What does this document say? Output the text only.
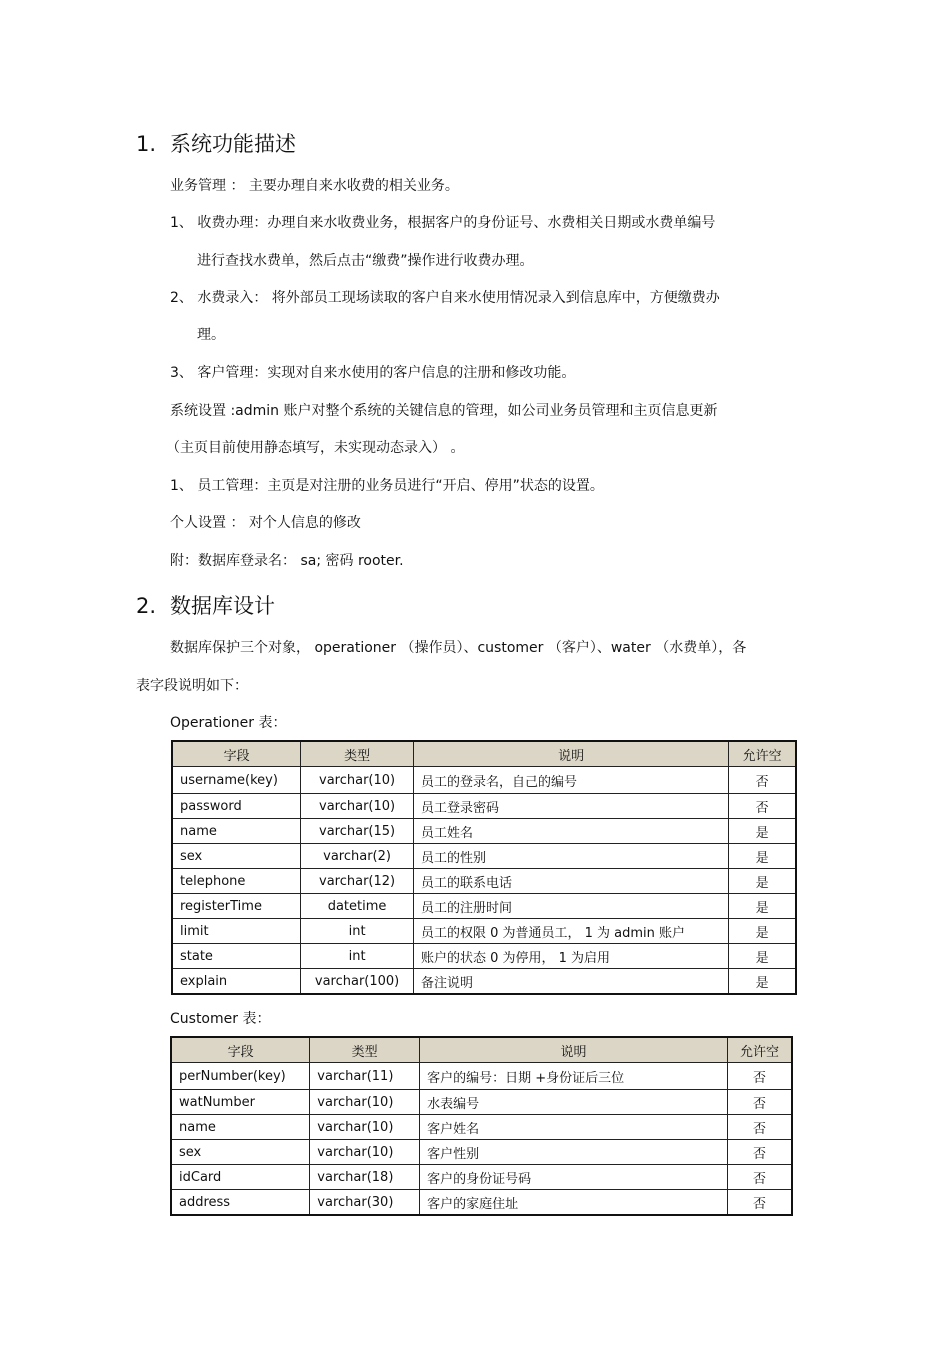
1. 系统功能描述

业务管理 ： 主要办理自来水收费的相关业务。

1、 收费办理：办理自来水收费业务，根据客户的身份证号、水费相关日期或水费单编号

进行查找水费单，然后点击“缴费”操作进行收费办理。

2、 水费录入： 将外部员工现场读取的客户自来水使用情况录入到信息库中，方便缴费办

理。

3、 客户管理：实现对自来水使用的客户信息的注册和修改功能。

系统设置 :admin 账户对整个系统的关键信息的管理，如公司业务员管理和主页信息更新

（主页目前使用静态填写，未实现动态录入） 。

1、 员工管理：主页是对注册的业务员进行“开启、停用”状态的设置。

个人设置 ： 对个人信息的修改

附：数据库登录名： sa; 密码 rooter.

2. 数据库设计

数据库保护三个对象， operationer （操作员）、customer （客户）、water （水费单），各

表字段说明如下：

Operationer 表：
字段	类型	说明	允许空
username(key)	varchar(10)	员工的登录名，自己的编号	否
password	varchar(10)	员工登录密码	否
name	varchar(15)	员工姓名	是
sex	varchar(2)	员工的性别	是
telephone	varchar(12)	员工的联系电话	是
registerTime	datetime	员工的注册时间	是
limit	int	员工的权限 0 为普通员工， 1 为 admin 账户	是
state	int	账户的状态 0 为停用， 1 为启用	是
explain	varchar(100)	备注说明	是
Customer 表：
字段	类型	说明	允许空
perNumber(key)	varchar(11)	客户的编号：日期 +身份证后三位	否
watNumber	varchar(10)	水表编号	否
name	varchar(10)	客户姓名	否
sex	varchar(10)	客户性别	否
idCard	varchar(18)	客户的身份证号码	否
address	varchar(30)	客户的家庭住址	否
